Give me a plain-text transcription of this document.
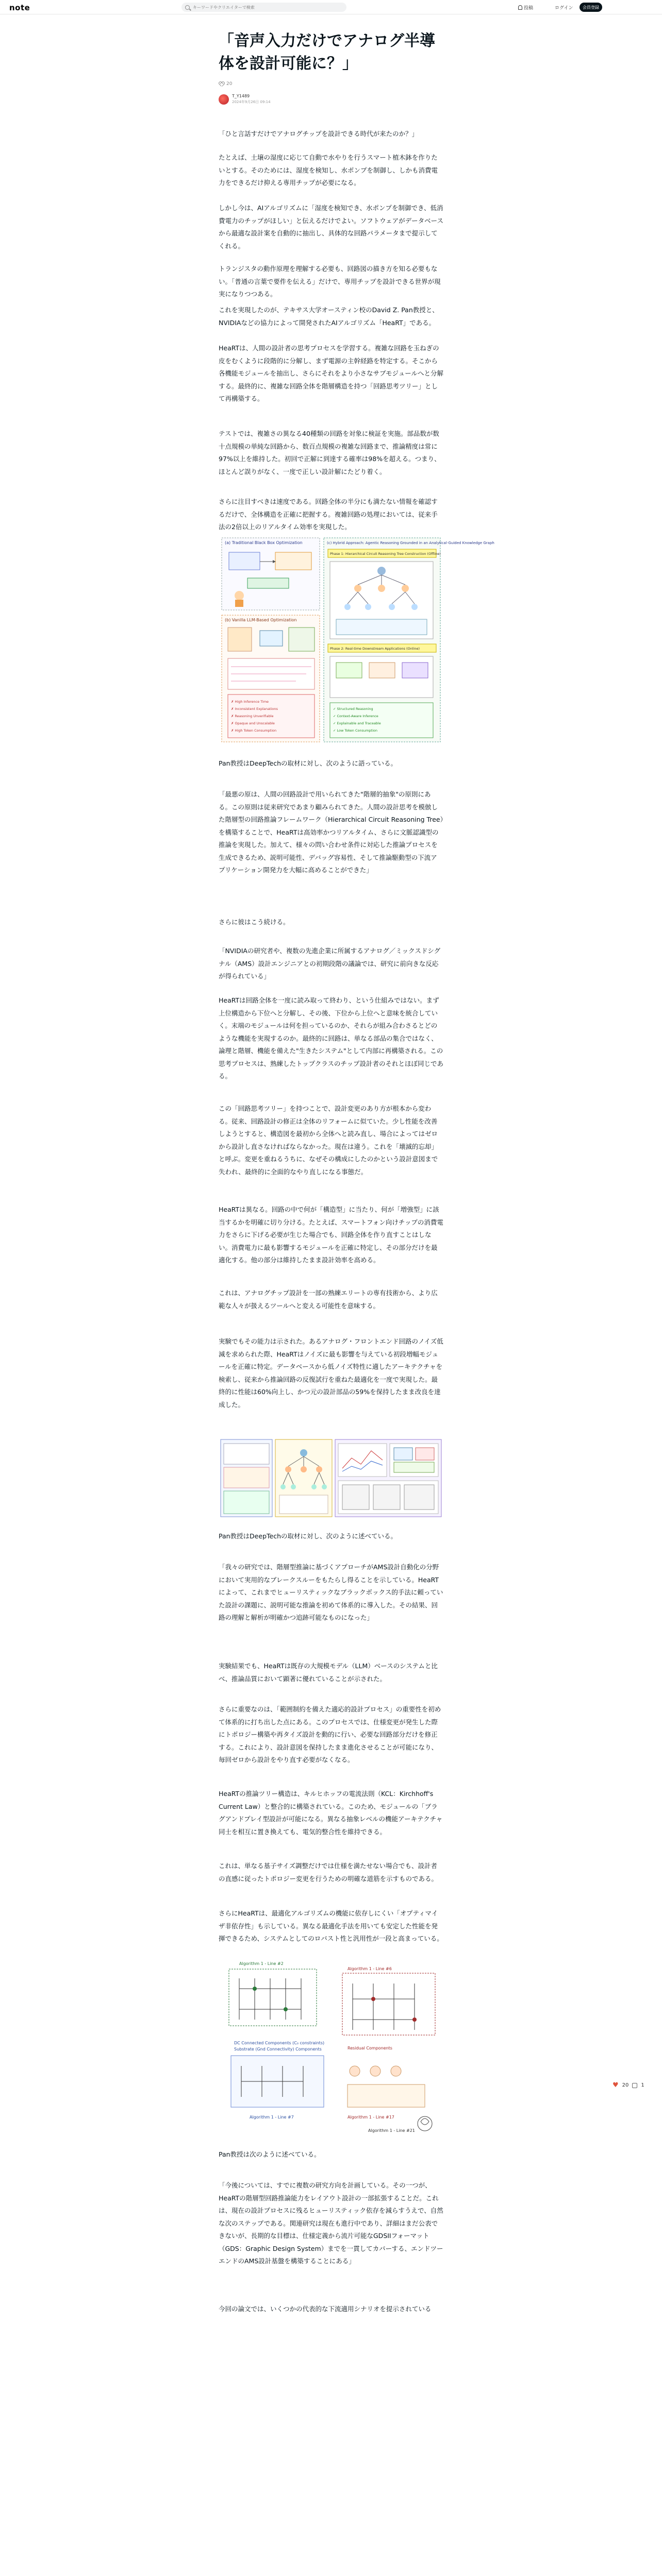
note
キーワードやクリエイターで検索	投稿	ログイン	会員登録
「音声入力だけでアナログ半導体を設計可能に？」
20
T_Y1489
2024年9月26日 09:14

「ひと言話すだけでアナログチップを設計できる時代が来たのか？」

たとえば、土壌の湿度に応じて自動で水やりを行うスマート植木鉢を作りたいとする。そのためには、湿度を検知し、水ポンプを制御し、しかも消費電力をできるだけ抑える専用チップが必要になる。

しかし今は、AIアルゴリズムに「湿度を検知でき、水ポンプを制御でき、低消費電力のチップがほしい」と伝えるだけでよい。ソフトウェアがデータベースから最適な設計案を自動的に抽出し、具体的な回路パラメータまで提示してくれる。

トランジスタの動作原理を理解する必要も、回路図の描き方を知る必要もない。「普通の言葉で要件を伝える」だけで、専用チップを設計できる世界が現実になりつつある。

これを実現したのが、テキサス大学オースティン校のDavid Z. Pan教授と、NVIDIAなどの協力によって開発されたAIアルゴリズム「HeaRT」である。

HeaRTは、人間の設計者の思考プロセスを学習する。複雑な回路を玉ねぎの皮をむくように段階的に分解し、まず電源の主幹経路を特定する。そこから各機能モジュールを抽出し、さらにそれをより小さなサブモジュールへと分解する。最終的に、複雑な回路全体を階層構造を持つ「回路思考ツリー」として再構築する。

テストでは、複雑さの異なる40種類の回路を対象に検証を実施。部品数が数十点規模の単純な回路から、数百点規模の複雑な回路まで、推論精度は常に97%以上を維持した。初回で正解に到達する確率は98%を超える。つまり、ほとんど誤りがなく、一度で正しい設計解にたどり着く。

さらに注目すべきは速度である。回路全体の半分にも満たない情報を確認するだけで、全体構造を正確に把握する。複雑回路の処理においては、従来手法の2倍以上のリアルタイム効率を実現した。

(a) Traditional Black Box Optimization
(b) Vanilla LLM-Based Optimization
✗ High Inference Time
✗ Inconsistent Explanations
✗ Reasoning Unverifiable
✗ Opaque and Unscalable
✗ High Token Consumption
(c) Hybrid Approach: Agentic Reasoning Grounded in an Analytical-Guided Knowledge Graph
Phase 1: Hierarchical Circuit Reasoning Tree Construction (Offline)
Phase 2: Real-time Downstream Applications (Online)
✓ Structured Reasoning
✓ Context-Aware Inference
✓ Explainable and Traceable
✓ Low Token Consumption

Pan教授はDeepTechの取材に対し、次のように語っている。

「最悪の原は、人間の回路設計で用いられてきた"階層的抽象"の原則にある。この原則は従来研究であまり顧みられてきた。人間の設計思考を模倣した階層型の回路推論フレームワーク（Hierarchical Circuit Reasoning Tree）を構築することで、HeaRTは高効率かつリアルタイム、さらに文脈認識型の推論を実現した。加えて、様々の問い合わせ条件に対応した推論プロセスを生成できるため、説明可能性、デバッグ容易性、そして推論駆動型の下流アプリケーション開発力を大幅に高めることができた」

さらに彼はこう続ける。

「NVIDIAの研究者や、複数の先進企業に所属するアナログ／ミックスドシグナル（AMS）設計エンジニアとの初期段階の議論では、研究に前向きな反応が得られている」

HeaRTは回路全体を一度に読み取って終わり、という仕組みではない。まず上位構造から下位へと分解し、その後、下位から上位へと意味を統合していく。末端のモジュールは何を担っているのか、それらが組み合わさるとどのような機能を実現するのか。最終的に回路は、単なる部品の集合ではなく、論理と階層、機能を備えた"生きたシステム"として内部に再構築される。この思考プロセスは、熟練したトップクラスのチップ設計者のそれとほぼ同じである。

この「回路思考ツリー」を持つことで、設計変更のあり方が根本から変わる。従来、回路設計の修正は全体のリフォームに似ていた。少し性能を改善しようとすると、構造図を最初から全体へと読み直し、場合によってはゼロから設計し直さなければならなかった。現在は違う。これを「壊滅的忘却」と呼ぶ。変更を重ねるうちに、なぜその構成にしたのかという設計意図まで失われ、最終的に全面的なやり直しになる事態だ。

HeaRTは異なる。回路の中で何が「構造型」に当たり、何が「増強型」に該当するかを明確に切り分ける。たとえば、スマートフォン向けチップの消費電力をさらに下げる必要が生じた場合でも、回路全体を作り直すことはしない。消費電力に最も影響するモジュールを正確に特定し、その部分だけを最適化する。他の部分は維持したまま設計効率を高める。

これは、アナログチップ設計を一部の熟練エリートの専有技術から、より広範な人々が扱えるツールへと変える可能性を意味する。

実験でもその能力は示された。あるアナログ・フロントエンド回路のノイズ低減を求められた際、HeaRTはノイズに最も影響を与えている初段増幅モジュールを正確に特定。データベースから低ノイズ特性に適したアーキテクチャを検索し、従来から推論回路の反復試行を重ねた最適化を一度で実現した。最終的に性能は60%向上し、かつ元の設計部品の59%を保持したまま改良を達成した。

Pan教授はDeepTechの取材に対し、次のように述べている。

「我々の研究では、階層型推論に基づくアプローチがAMS設計自動化の分野において実用的なブレークスルーをもたらし得ることを示している。HeaRTによって、これまでヒューリスティックなブラックボックス的手法に頼っていた設計の課題に、説明可能な推論を初めて体系的に導入した。その結果、回路の理解と解析が明確かつ追跡可能なものになった」

実験結果でも、HeaRTは既存の大規模モデル（LLM）ベースのシステムと比べ、推論品質において顕著に優れていることが示された。

さらに重要なのは、「範囲制約を備えた適応的設計プロセス」の重要性を初めて体系的に打ち出した点にある。このプロセスでは、仕様変更が発生した際にトポロジー構築や再タイズ設計を動的に行い、必要な回路部分だけを修正する。これにより、設計意図を保持したまま進化させることが可能になり、毎回ゼロから設計をやり直す必要がなくなる。

HeaRTの推論ツリー構造は、キルヒホッフの電流法則（KCL：Kirchhoff's Current Law）と整合的に構築されている。このため、モジュールの「ブラグアンドプレイ型設計が可能になる。異なる抽象レベルの機能アーキテクチャ同士を相互に置き換えても、電気的整合性を維持できる。

これは、単なる基子サイズ調整だけでは仕様を満たせない場合でも、設計者の直感に従ったトポロジー変更を行うための明確な道筋を示すものである。

さらにHeaRTは、最適化アルゴリズムの機能に依存しにくい「オプティマイザ非依存性」も示している。異なる最適化手法を用いても安定した性能を発揮できるため、システムとしてのロバスト性と汎用性が一段と高まっている。

Algorithm 1 - Line #2
Algorithm 1 - Line #6
DC Connected Components (C₀ constraints)
Substrate (Gnd Connectivity) Components	Residual Components
Algorithm 1 - Line #7	Algorithm 1 - Line #17
Algorithm 1 - Line #21

Pan教授は次のように述べている。

「今後については、すでに複数の研究方向を計画している。その一つが、HeaRTの階層型回路推論能力をレイアウト設計の一部拡張することだ。これは、現在の設計プロセスに残るヒューリスティック依存を減らすうえで、自然な次のステップである。関連研究は現在も進行中であり、詳細はまだ公表できないが、長期的な目標は、仕様定義から流片可能なGDSIIフォーマット（GDS：Graphic Design System）までを一貫してカバーする、エンドツーエンドのAMS設計基盤を構築することにある」

今回の論文では、いくつかの代表的な下流適用シナリオを提示されている

♥ 20 1
